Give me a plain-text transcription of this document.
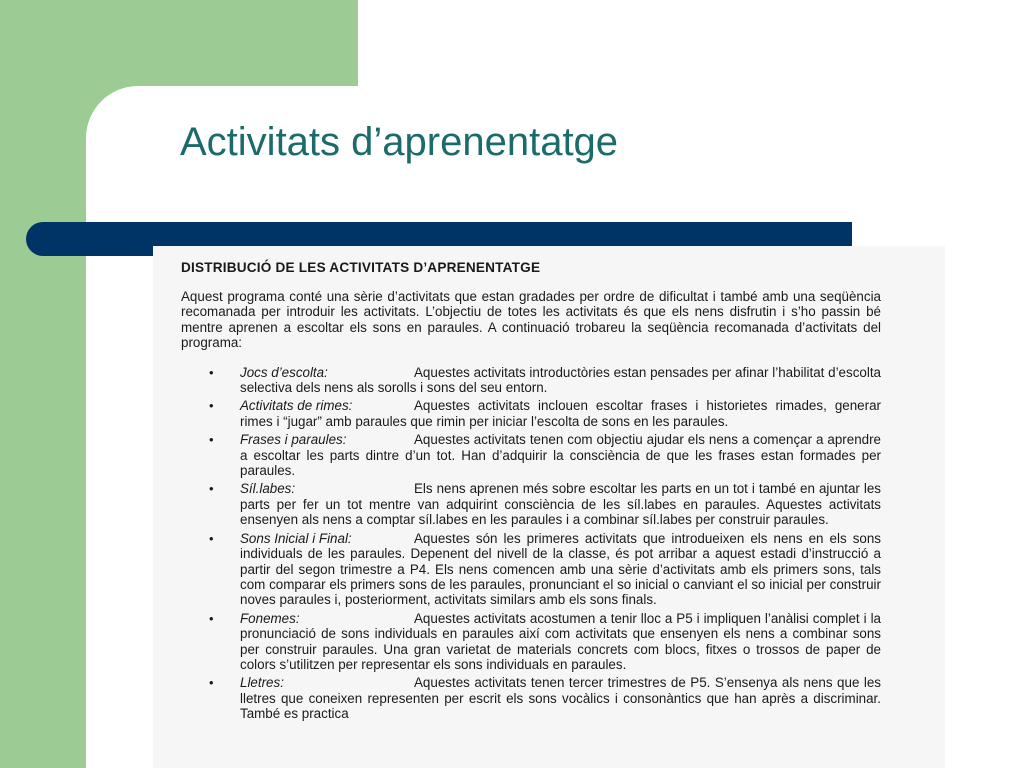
Activitats d’aprenentatge
DISTRIBUCIÓ DE LES ACTIVITATS D’APRENENTATGE
Aquest programa conté una sèrie d’activitats que estan gradades per ordre de dificultat i també amb una seqüència recomanada per introduir les activitats. L’objectiu de totes les activitats és que els nens disfrutin i s’ho passin bé mentre aprenen a escoltar els sons en paraules. A continuació trobareu la seqüència recomanada d’activitats del programa:
• Jocs d’escolta:	Aquestes activitats introductòries estan pensades per afinar l’habilitat d’escolta selectiva dels nens als sorolls i sons del seu entorn.
• Activitats de rimes:	Aquestes activitats inclouen escoltar frases i historietes rimades, generar rimes i “jugar” amb paraules que rimin per iniciar l’escolta de sons en les paraules.
• Frases i paraules:	Aquestes activitats tenen com objectiu ajudar els nens a començar a aprendre a escoltar les parts dintre d’un tot. Han d’adquirir la consciència de que les frases estan formades per paraules.
• Síl.labes:	Els nens aprenen més sobre escoltar les parts en un tot i també en ajuntar les parts per fer un tot mentre van adquirint consciència de les síl.labes en paraules. Aquestes activitats ensenyen als nens a comptar síl.labes en les paraules i a combinar síl.labes per construir paraules.
• Sons Inicial i Final:	Aquestes són les primeres activitats que introdueixen els nens en els sons individuals de les paraules. Depenent del nivell de la classe, és pot arribar a aquest estadi d’instrucció a partir del segon trimestre a P4. Els nens comencen amb una sèrie d’activitats amb els primers sons, tals com comparar els primers sons de les paraules, pronunciant el so inicial o canviant el so inicial per construir noves paraules i, posteriorment, activitats similars amb els sons finals.
• Fonemes:	Aquestes activitats acostumen a tenir lloc a P5 i impliquen l’anàlisi complet i la pronunciació de sons individuals en paraules així com activitats que ensenyen els nens a combinar sons per construir paraules. Una gran varietat de materials concrets com blocs, fitxes o trossos de paper de colors s’utilitzen per representar els sons individuals en paraules.
• Lletres:	Aquestes activitats tenen tercer trimestres de P5. S’ensenya als nens que les lletres que coneixen representen per escrit els sons vocàlics i consonàntics que han après a discriminar. També es practica
